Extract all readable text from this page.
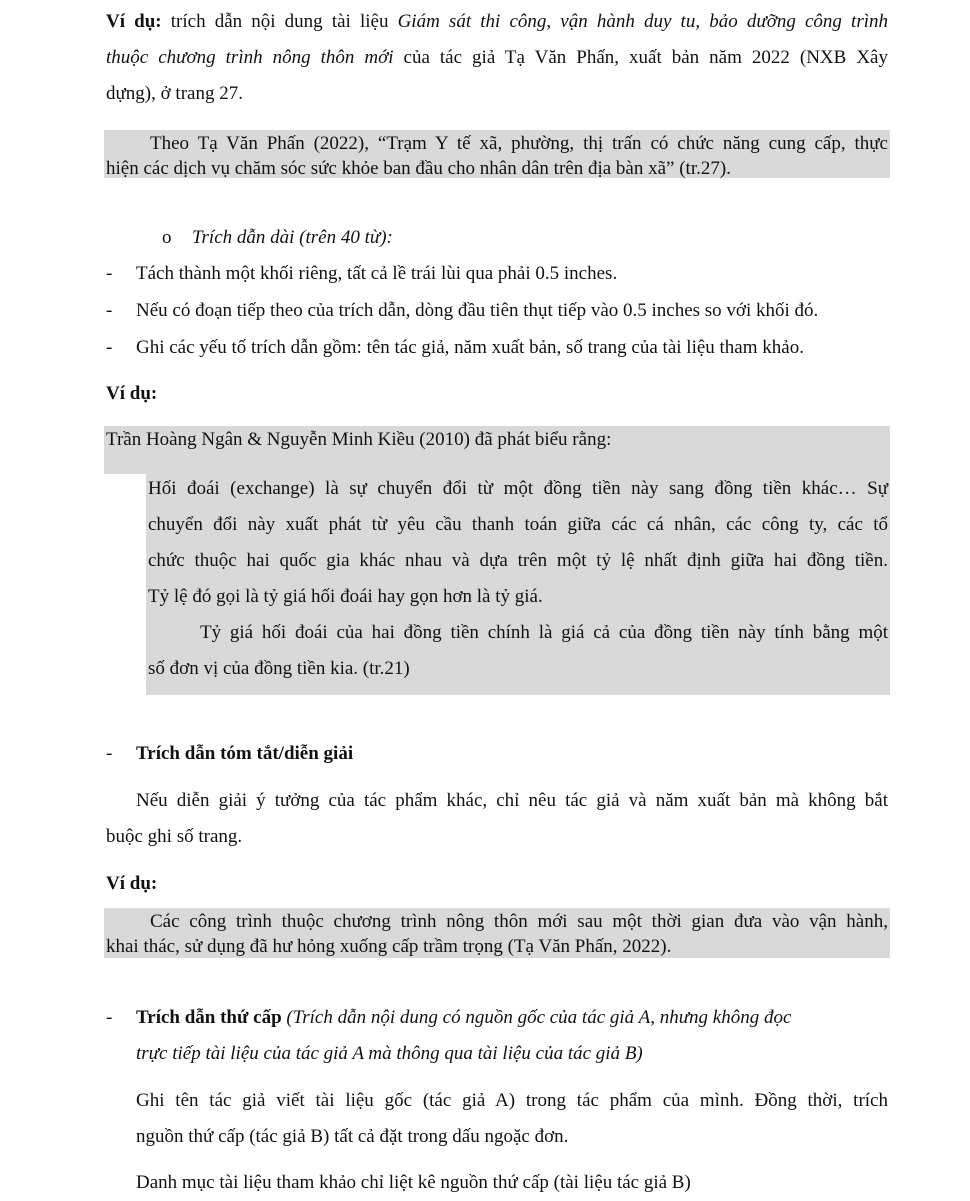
Ví dụ: trích dẫn nội dung tài liệu Giám sát thi công, vận hành duy tu, bảo dưỡng công trình
thuộc chương trình nông thôn mới của tác giả Tạ Văn Phấn, xuất bản năm 2022 (NXB Xây
dựng), ở trang 27.
Theo Tạ Văn Phấn (2022), “Trạm Y tế xã, phường, thị trấn có chức năng cung cấp, thực
hiện các dịch vụ chăm sóc sức khỏe ban đầu cho nhân dân trên địa bàn xã” (tr.27).
o Trích dẫn dài (trên 40 từ):
- Tách thành một khối riêng, tất cả lề trái lùi qua phải 0.5 inches.
- Nếu có đoạn tiếp theo của trích dẫn, dòng đầu tiên thụt tiếp vào 0.5 inches so với khối đó.
- Ghi các yếu tố trích dẫn gồm: tên tác giả, năm xuất bản, số trang của tài liệu tham khảo.
Ví dụ:
Trần Hoàng Ngân & Nguyễn Minh Kiều (2010) đã phát biểu rằng:
Hối đoái (exchange) là sự chuyển đổi từ một đồng tiền này sang đồng tiền khác… Sự
chuyển đổi này xuất phát từ yêu cầu thanh toán giữa các cá nhân, các công ty, các tổ
chức thuộc hai quốc gia khác nhau và dựa trên một tỷ lệ nhất định giữa hai đồng tiền.
Tỷ lệ đó gọi là tỷ giá hối đoái hay gọn hơn là tỷ giá.
Tỷ giá hối đoái của hai đồng tiền chính là giá cả của đồng tiền này tính bằng một
số đơn vị của đồng tiền kia. (tr.21)
- Trích dẫn tóm tắt/diễn giải
Nếu diễn giải ý tưởng của tác phẩm khác, chỉ nêu tác giả và năm xuất bản mà không bắt
buộc ghi số trang.
Ví dụ:
Các công trình thuộc chương trình nông thôn mới sau một thời gian đưa vào vận hành,
khai thác, sử dụng đã hư hỏng xuống cấp trầm trọng (Tạ Văn Phấn, 2022).
- Trích dẫn thứ cấp (Trích dẫn nội dung có nguồn gốc của tác giả A, nhưng không đọc
trực tiếp tài liệu của tác giả A mà thông qua tài liệu của tác giả B)
Ghi tên tác giả viết tài liệu gốc (tác giả A) trong tác phẩm của mình. Đồng thời, trích
nguồn thứ cấp (tác giả B) tất cả đặt trong dấu ngoặc đơn.
Danh mục tài liệu tham khảo chỉ liệt kê nguồn thứ cấp (tài liệu tác giả B)
